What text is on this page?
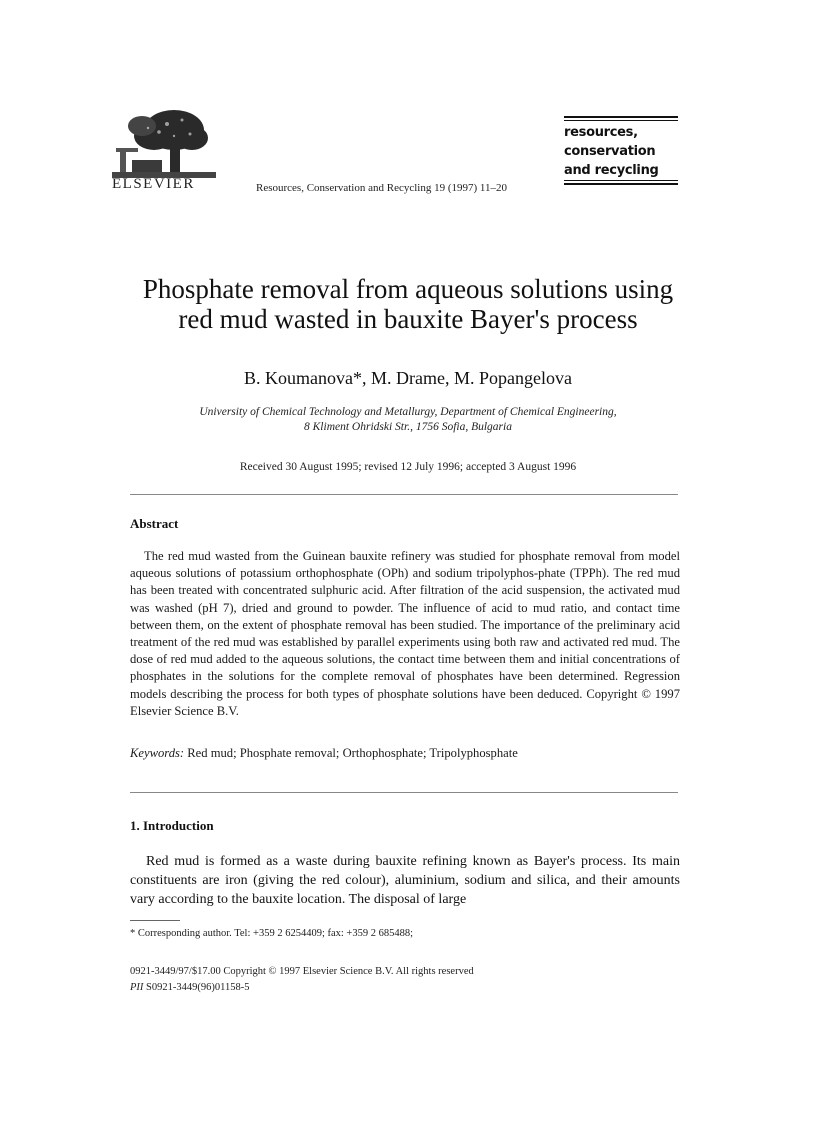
ELSEVIER	Resources, Conservation and Recycling 19 (1997) 11–20
resources,
conservation
and recycling
Phosphate removal from aqueous solutions using
red mud wasted in bauxite Bayer's process
B. Koumanova*, M. Drame, M. Popangelova
University of Chemical Technology and Metallurgy, Department of Chemical Engineering,
8 Kliment Ohridski Str., 1756 Sofia, Bulgaria
Received 30 August 1995; revised 12 July 1996; accepted 3 August 1996
Abstract
The red mud wasted from the Guinean bauxite refinery was studied for phosphate removal from model aqueous solutions of potassium orthophosphate (OPh) and sodium tripolyphos-phate (TPPh). The red mud has been treated with concentrated sulphuric acid. After filtration of the acid suspension, the activated mud was washed (pH 7), dried and ground to powder. The influence of acid to mud ratio, and contact time between them, on the extent of phosphate removal has been studied. The importance of the preliminary acid treatment of the red mud was established by parallel experiments using both raw and activated red mud. The dose of red mud added to the aqueous solutions, the contact time between them and initial concentrations of phosphates in the solutions for the complete removal of phosphates have been determined. Regression models describing the process for both types of phosphate solutions have been deduced. Copyright © 1997 Elsevier Science B.V.
Keywords: Red mud; Phosphate removal; Orthophosphate; Tripolyphosphate
1. Introduction
Red mud is formed as a waste during bauxite refining known as Bayer's process. Its main constituents are iron (giving the red colour), aluminium, sodium and silica, and their amounts vary according to the bauxite location. The disposal of large
* Corresponding author. Tel: +359 2 6254409; fax: +359 2 685488;
0921-3449/97/$17.00 Copyright © 1997 Elsevier Science B.V. All rights reserved
PII S0921-3449(96)01158-5
